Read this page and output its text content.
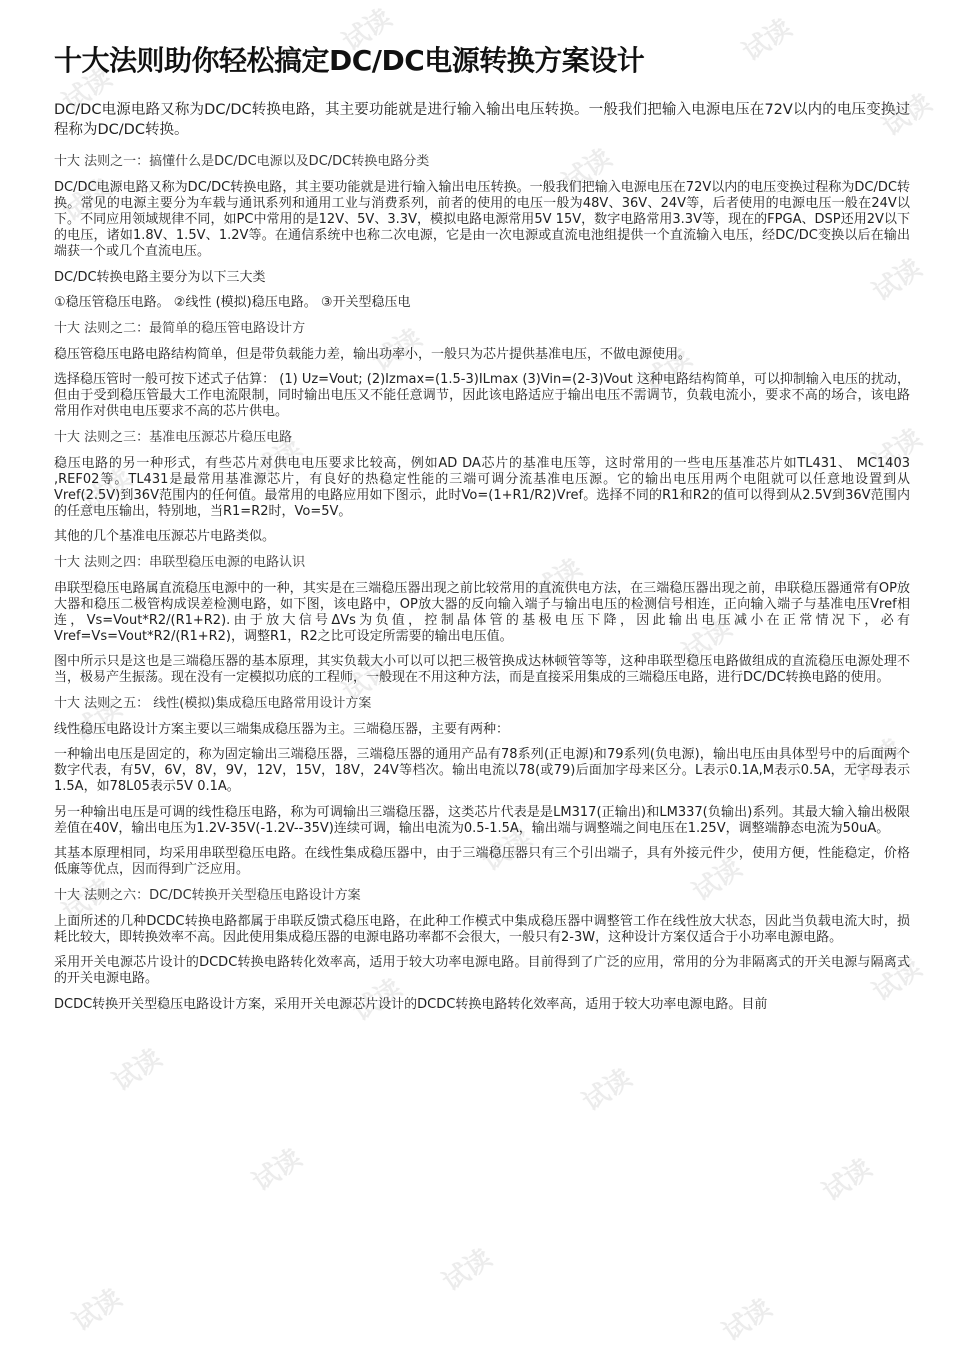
试读
试读	试读
试读
试读
试读
试读
试读	试读
试读
试读	试读
试读
试读
试读
试读
试读
试读
试读	试读
试读	试读
试读	试读
试读	试读
试读
试读	试读
十大法则助你轻松搞定DC/DC电源转换方案设计
DC/DC电源电路又称为DC/DC转换电路，其主要功能就是进行输入输出电压转换。一般我们把输入电源电压在72V以内的电压变换过程称为DC/DC转换。
十大 法则之一：搞懂什么是DC/DC电源以及DC/DC转换电路分类
DC/DC电源电路又称为DC/DC转换电路，其主要功能就是进行输入输出电压转换。一般我们把输入电源电压在72V以内的电压变换过程称为DC/DC转换。常见的电源主要分为车载与通讯系列和通用工业与消费系列，前者的使用的电压一般为48V、36V、24V等，后者使用的电源电压一般在24V以下。不同应用领域规律不同，如PC中常用的是12V、5V、3.3V，模拟电路电源常用5V 15V，数字电路常用3.3V等，现在的FPGA、DSP还用2V以下的电压，诸如1.8V、1.5V、1.2V等。在通信系统中也称二次电源，它是由一次电源或直流电池组提供一个直流输入电压，经DC/DC变换以后在输出端获一个或几个直流电压。
DC/DC转换电路主要分为以下三大类
①稳压管稳压电路。 ②线性 (模拟)稳压电路。 ③开关型稳压电
十大 法则之二：最简单的稳压管电路设计方
稳压管稳压电路电路结构简单，但是带负载能力差，输出功率小，一般只为芯片提供基准电压，不做电源使用。
选择稳压管时一般可按下述式子估算： (1) Uz=Vout; (2)Izmax=(1.5-3)ILmax (3)Vin=(2-3)Vout 这种电路结构简单，可以抑制输入电压的扰动，但由于受到稳压管最大工作电流限制，同时输出电压又不能任意调节，因此该电路适应于输出电压不需调节，负载电流小，要求不高的场合，该电路常用作对供电电压要求不高的芯片供电。
十大 法则之三：基准电压源芯片稳压电路
稳压电路的另一种形式，有些芯片对供电电压要求比较高，例如AD DA芯片的基准电压等，这时常用的一些电压基准芯片如TL431、 MC1403 ,REF02等。TL431是最常用基准源芯片，有良好的热稳定性能的三端可调分流基准电压源。它的输出电压用两个电阻就可以任意地设置到从Vref(2.5V)到36V范围内的任何值。最常用的电路应用如下图示，此时Vo=(1+R1/R2)Vref。选择不同的R1和R2的值可以得到从2.5V到36V范围内的任意电压输出，特别地，当R1=R2时，Vo=5V。
其他的几个基准电压源芯片电路类似。
十大 法则之四：串联型稳压电源的电路认识
串联型稳压电路属直流稳压电源中的一种，其实是在三端稳压器出现之前比较常用的直流供电方法，在三端稳压器出现之前，串联稳压器通常有OP放大器和稳压二极管构成误差检测电路，如下图，该电路中，OP放大器的反向输入端子与输出电压的检测信号相连，正向输入端子与基准电压Vref相连，Vs=Vout*R2/(R1+R2).由于放大信号ΔVs为负值，控制晶体管的基极电压下降，因此输出电压减小在正常情况下，必有Vref=Vs=Vout*R2/(R1+R2)，调整R1，R2之比可设定所需要的输出电压值。
图中所示只是这也是三端稳压器的基本原理，其实负载大小可以可以把三极管换成达林顿管等等，这种串联型稳压电路做组成的直流稳压电源处理不当，极易产生振荡。现在没有一定模拟功底的工程师，一般现在不用这种方法，而是直接采用集成的三端稳压电路，进行DC/DC转换电路的使用。
十大 法则之五： 线性(模拟)集成稳压电路常用设计方案
线性稳压电路设计方案主要以三端集成稳压器为主。三端稳压器，主要有两种：
一种输出电压是固定的，称为固定输出三端稳压器，三端稳压器的通用产品有78系列(正电源)和79系列(负电源)，输出电压由具体型号中的后面两个数字代表，有5V，6V，8V，9V，12V，15V，18V，24V等档次。输出电流以78(或79)后面加字母来区分。L表示0.1A,M表示0.5A，无字母表示1.5A，如78L05表示5V 0.1A。
另一种输出电压是可调的线性稳压电路，称为可调输出三端稳压器，这类芯片代表是是LM317(正输出)和LM337(负输出)系列。其最大输入输出极限差值在40V，输出电压为1.2V-35V(-1.2V--35V)连续可调，输出电流为0.5-1.5A，输出端与调整端之间电压在1.25V，调整端静态电流为50uA。
其基本原理相同，均采用串联型稳压电路。在线性集成稳压器中，由于三端稳压器只有三个引出端子，具有外接元件少，使用方便，性能稳定，价格低廉等优点，因而得到广泛应用。
十大 法则之六：DC/DC转换开关型稳压电路设计方案
上面所述的几种DCDC转换电路都属于串联反馈式稳压电路，在此种工作模式中集成稳压器中调整管工作在线性放大状态，因此当负载电流大时，损耗比较大，即转换效率不高。因此使用集成稳压器的电源电路功率都不会很大，一般只有2-3W，这种设计方案仅适合于小功率电源电路。
采用开关电源芯片设计的DCDC转换电路转化效率高，适用于较大功率电源电路。目前得到了广泛的应用，常用的分为非隔离式的开关电源与隔离式的开关电源电路。
DCDC转换开关型稳压电路设计方案，采用开关电源芯片设计的DCDC转换电路转化效率高，适用于较大功率电源电路。目前
